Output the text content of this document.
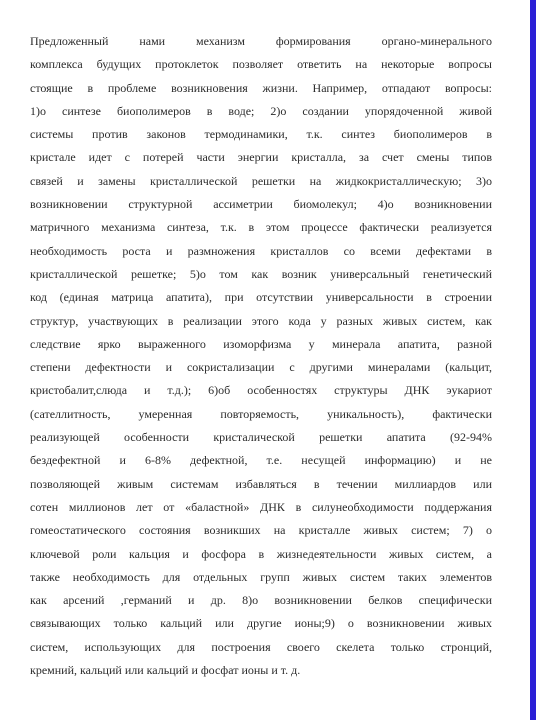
Предложенный нами механизм формирования органо-минерального
комплекса будущих протоклеток позволяет ответить на некоторые вопросы
стоящие в проблеме возникновения жизни. Например, отпадают вопросы:
1)о синтезе биополимеров в воде; 2)о создании упорядоченной живой
системы против законов термодинамики, т.к. синтез биополимеров в
кристале идет с потерей части энергии кристалла, за счет смены типов
связей и замены кристаллической решетки на жидкокристаллическую; 3)о
возникновении структурной ассиметрии биомолекул; 4)о возникновении
матричного механизма синтеза, т.к. в этом процессе фактически реализуется
необходимость роста и размножения кристаллов со всеми дефектами в
кристаллической решетке; 5)о том как возник универсальный генетический
код (единая матрица апатита), при отсутствии универсальности в строении
структур, участвующих в реализации этого кода у разных живых систем, как
следствие ярко выраженного изоморфизма у минерала апатита, разной
степени дефектности и сокристализации с другими минералами (кальцит,
кристобалит,слюда и т.д.); 6)об особенностях структуры ДНК эукариот
(сателлитность, умеренная повторяемость, уникальность), фактически
реализующей особенности кристалической решетки апатита (92-94%
бездефектной и 6-8% дефектной, т.е. несущей информацию) и не
позволяющей живым системам избавляться в течении миллиардов или
сотен миллионов лет от «баластной» ДНК в силунеобходимости поддержания
гомеостатического состояния возникших на кристалле живых систем; 7) о
ключевой роли кальция и фосфора в жизнедеятельности живых систем, а
также необходимость для отдельных групп живых систем таких элементов
как арсений ,германий и др. 8)о возникновении белков специфически
связывающих только кальций или другие ионы;9) о возникновении живых
систем, использующих для построения своего скелета только стронций,
кремний, кальций или кальций и фосфат ионы и т. д.
